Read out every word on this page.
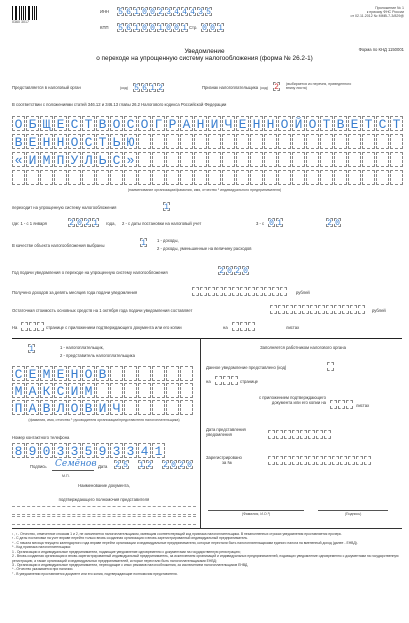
0360 3017
ИНН 5 6 1 0 0 2 3 4 4 4 3 5
КПП 5 6 1 0 0 1 0 0 1 Стр. 0 0 1
Приложение № 1
к приказу ФНС России
от 02.11.2012 № ММВ-7-3/829@
Уведомление
о переходе на упрощенную систему налогообложения (форма № 26.2-1)
Форма по КНД 1150001
Представляется в налоговый орган	(код) 5 6 1 2	Признак налогоплательщика (код) 2	(выбирается из перечня, приведенного внизу листа)
В соответствии с положениями статей 346.12 и 346.13 главы 26.2 Налогового кодекса Российской Федерации
О Б Щ Е С Т В О С О Г Р А Н И Ч Е Н Н О Й О Т В Е Т С Т
В Е Н Н О С Т Ь Ю
« И М П У Л Ь С »
(наименование организации/фамилия, имя, отчество ¹ индивидуального предпринимателя)
переходит на упрощенную систему налогообложения	1
где: 1 - с 1 января	2 0 2 1 года, 2 - с даты постановки на налоговый учет	3 - с 0 1	2 0
В качестве объекта налогообложения выбраны	1	1 - доходы,
2 - доходы, уменьшенные на величину расходов
Год подачи уведомления о переходе на упрощенную систему налогообложения	2 0 2 0
Получено доходов за девять месяцев года подачи уведомления	рублей
Остаточная стоимость основных средств на 1 октября года подачи уведомления составляет	рублей
На	странице с приложением подтверждающего документа или его копии	на	листах
1	1 - налогоплательщик,
2 - представитель налогоплательщика
С Е М Е Н О В
М А К С И М
П А В Л О В И Ч
(фамилия, имя, отчество ¹ руководителя организации/представителя налогоплательщика)
Номер контактного телефона
8 9 0 3 3 5 9 3 3 4 1
Подпись Семёнов Дата 2 5 1 2 2 0 2 0
М.П.
Наименование документа,
подтверждающего полномочия представителя
Заполняется работником налогового органа
Данное уведомление представлено (код)
на	странице
с приложением подтверждающего
документа или его копии на
листах
Дата представления
уведомления
Зарегистрировано
за №
(Фамилия, И.О.²)	(Подпись)
¹ , ² - Отчество, отмеченное сноскам 1 и 2, не заполняется налогоплательщиком, имеющим соответствующий код признака налогоплательщика. В незаполненных строках уведомления проставляется прочерк.
³ - С даты постановки на учет вправе перейти только вновь созданная организация и вновь зарегистрированный индивидуальный предприниматель.
⁴ - С начала месяца текущего календарного года вправе перейти организации и индивидуальные предприниматели, которые перестали быть налогоплательщиками единого налога на вмененный доход (далее - ЕНВД).
⁵ - Код признака налогоплательщика:
1 - Организации и индивидуальные предприниматели, подающие уведомление одновременно с документами на государственную регистрацию;
2 - Вновь созданная организация и вновь зарегистрированный индивидуальный предприниматель, за исключением организаций и индивидуальных предпринимателей, подающих уведомление одновременно с документами на государственную регистрацию, а также организаций и индивидуальных предпринимателей, которые перестали быть налогоплательщиками ЕНВД;
3 - Организации и индивидуальные предприниматели, переходящие с иных режимов налогообложения, за исключением налогоплательщиков ЕНВД.
⁶ - Отчество указывается при наличии.
⁷ - В уведомлении проставляется документ или его копия, подтверждающие полномочия представителя.
